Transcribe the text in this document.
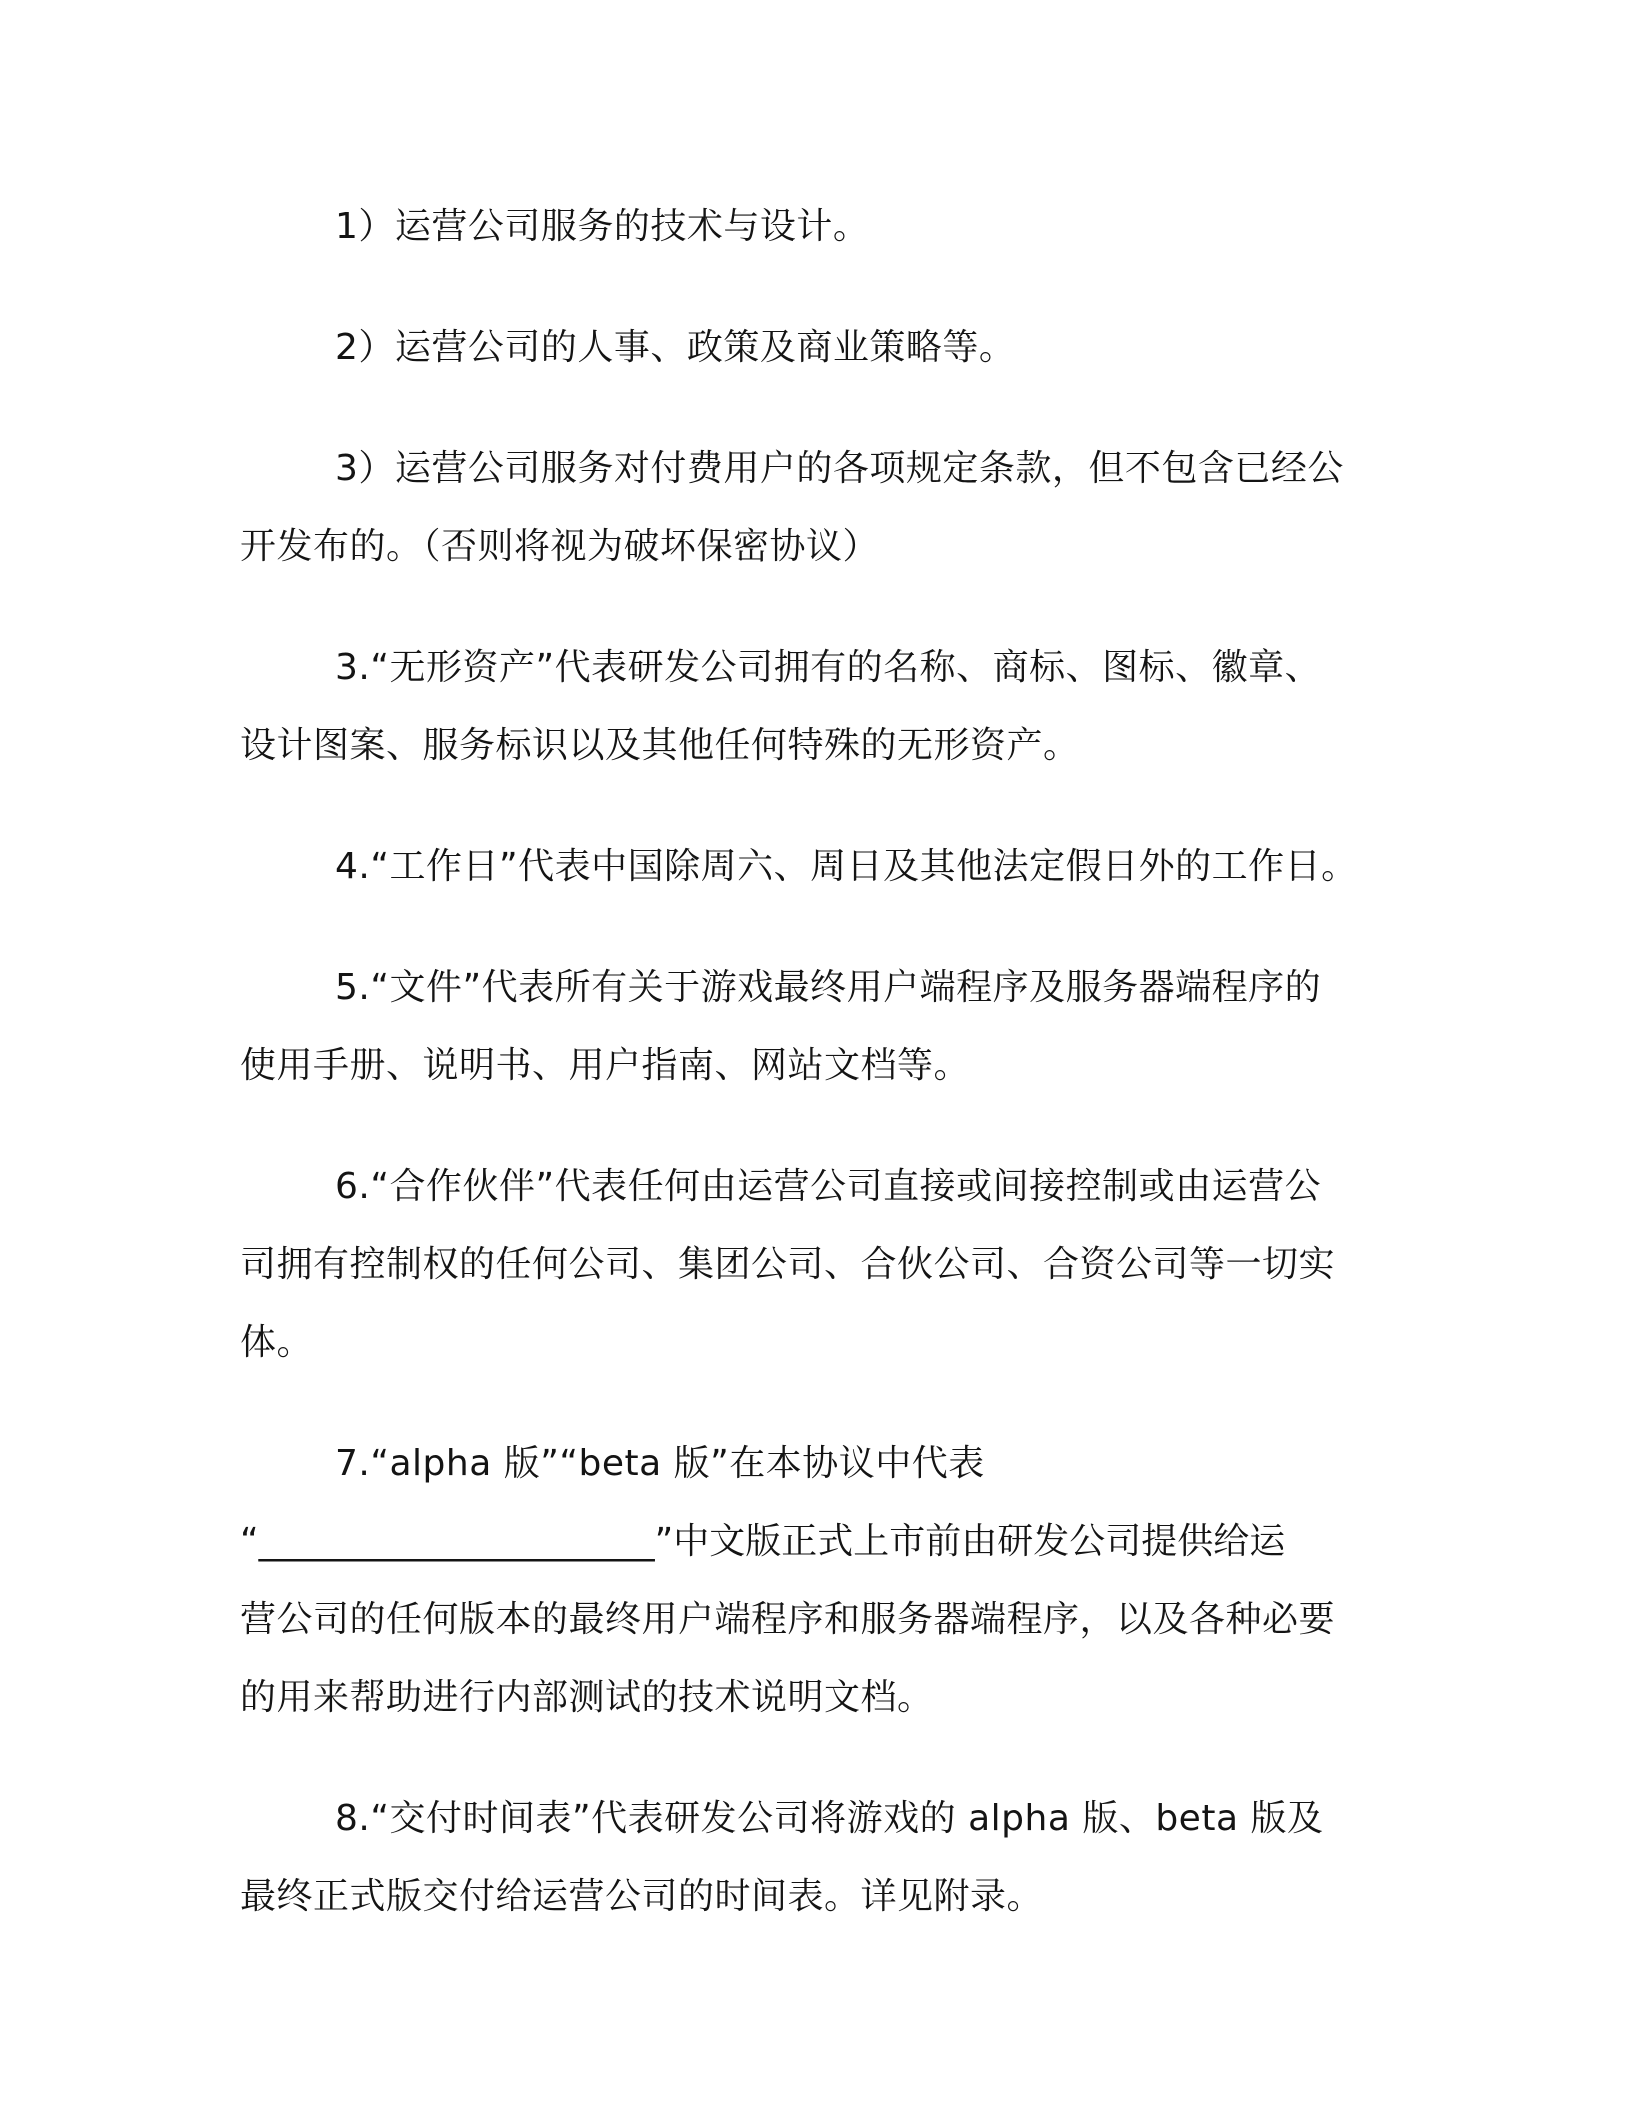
1）运营公司服务的技术与设计。

2）运营公司的人事、政策及商业策略等。

3）运营公司服务对付费用户的各项规定条款，但不包含已经公
开发布的。（否则将视为破坏保密协议）

3.“无形资产”代表研发公司拥有的名称、商标、图标、徽章、
设计图案、服务标识以及其他任何特殊的无形资产。

4.“工作日”代表中国除周六、周日及其他法定假日外的工作日。

5.“文件”代表所有关于游戏最终用户端程序及服务器端程序的
使用手册、说明书、用户指南、网站文档等。

6.“合作伙伴”代表任何由运营公司直接或间接控制或由运营公
司拥有控制权的任何公司、集团公司、合伙公司、合资公司等一切实
体。

7.“alpha 版”“beta 版”在本协议中代表
“______________________”中文版正式上市前由研发公司提供给运
营公司的任何版本的最终用户端程序和服务器端程序，以及各种必要
的用来帮助进行内部测试的技术说明文档。

8.“交付时间表”代表研发公司将游戏的 alpha 版、beta 版及
最终正式版交付给运营公司的时间表。详见附录。
